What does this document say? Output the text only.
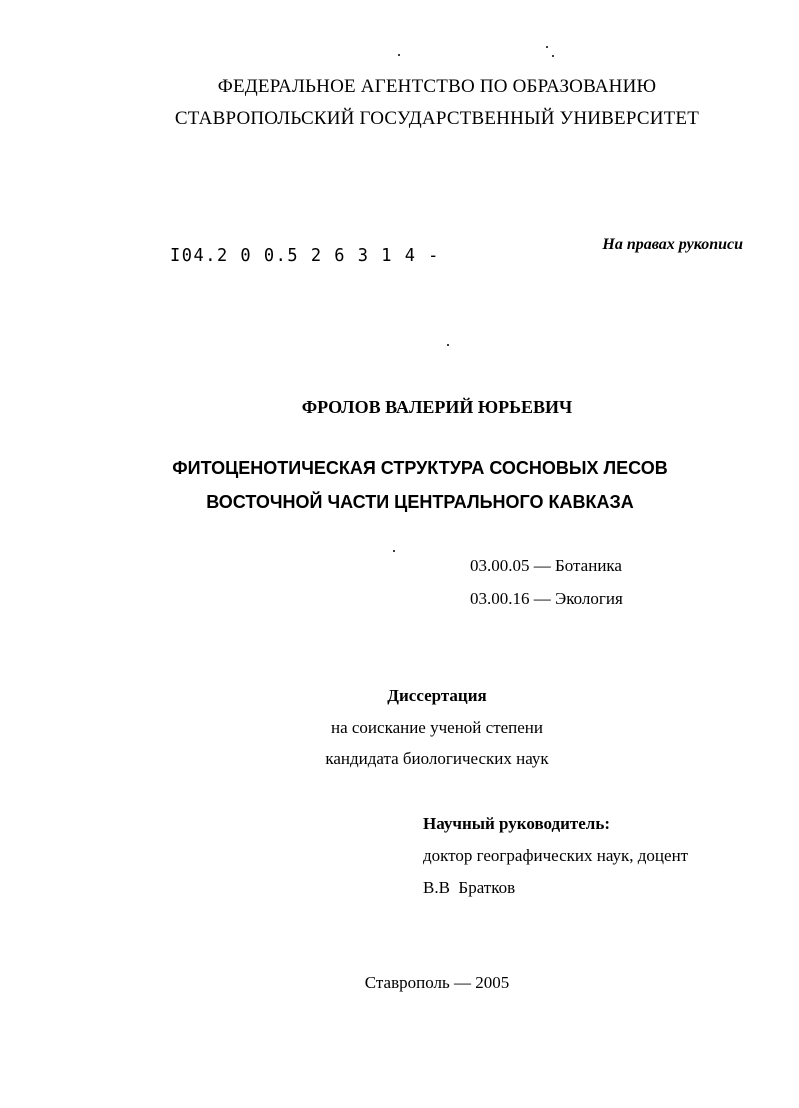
ФЕДЕРАЛЬНОЕ АГЕНТСТВО ПО ОБРАЗОВАНИЮ
СТАВРОПОЛЬСКИЙ ГОСУДАРСТВЕННЫЙ УНИВЕРСИТЕТ
I04.2 0 0.5 2 6 3 1 4 -
На правах рукописи
ФРОЛОВ ВАЛЕРИЙ ЮРЬЕВИЧ
ФИТОЦЕНОТИЧЕСКАЯ СТРУКТУРА СОСНОВЫХ ЛЕСОВ
ВОСТОЧНОЙ ЧАСТИ ЦЕНТРАЛЬНОГО КАВКАЗА
03.00.05 — Ботаника
03.00.16 — Экология
Диссертация
на соискание ученой степени
кандидата биологических наук
Научный руководитель:
доктор географических наук, доцент
В.В  Братков
Ставрополь — 2005
